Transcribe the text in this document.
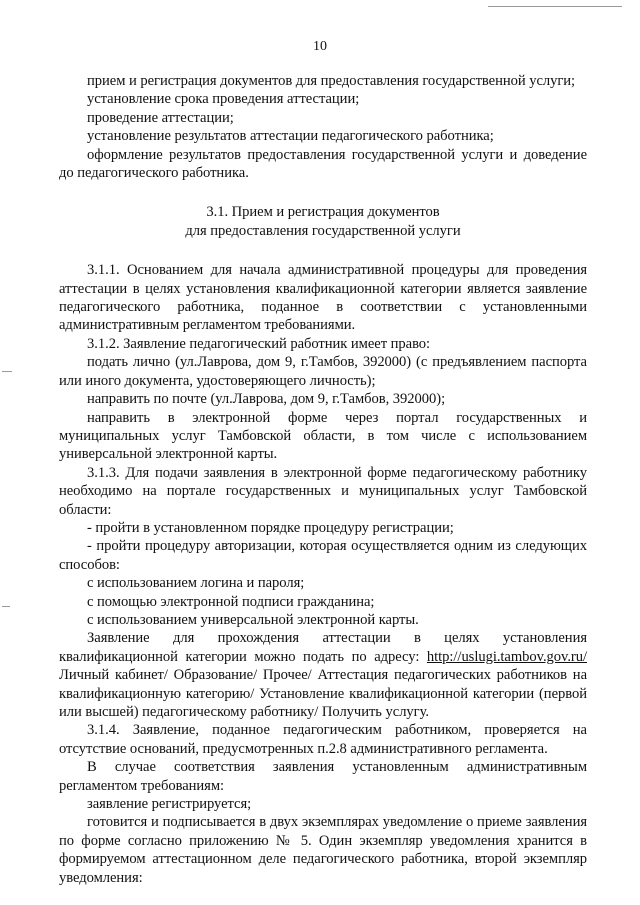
10

прием и регистрация документов для предоставления государственной услуги;

установление срока проведения аттестации;

проведение аттестации;

установление результатов аттестации педагогического работника;

оформление результатов предоставления государственной услуги и доведение до педагогического работника.

3.1. Прием и регистрация документов
для предоставления государственной услуги

3.1.1. Основанием для начала административной процедуры для проведения аттестации в целях установления квалификационной категории является заявление педагогического работника, поданное в соответствии с установленными административным регламентом требованиями.

3.1.2. Заявление педагогический работник имеет право:

подать лично (ул.Лаврова, дом 9, г.Тамбов, 392000) (с предъявлением паспорта или иного документа, удостоверяющего личность);

направить по почте (ул.Лаврова, дом 9, г.Тамбов, 392000);

направить в электронной форме через портал государственных и муниципальных услуг Тамбовской области, в том числе с использованием универсальной электронной карты.

3.1.3. Для подачи заявления в электронной форме педагогическому работнику необходимо на портале государственных и муниципальных услуг Тамбовской области:

- пройти в установленном порядке процедуру регистрации;

- пройти процедуру авторизации, которая осуществляется одним из следующих способов:

с использованием логина и пароля;

с помощью электронной подписи гражданина;

с использованием универсальной электронной карты.

Заявление для прохождения аттестации в целях установления квалификационной категории можно подать по адресу: http://uslugi.tambov.gov.ru/ Личный кабинет/ Образование/ Прочее/ Аттестация педагогических работников на квалификационную категорию/ Установление квалификационной категории (первой или высшей) педагогическому работнику/ Получить услугу.

3.1.4. Заявление, поданное педагогическим работником, проверяется на отсутствие оснований, предусмотренных п.2.8 административного регламента.

В случае соответствия заявления установленным административным регламентом требованиям:

заявление регистрируется;

готовится и подписывается в двух экземплярах уведомление о приеме заявления по форме согласно приложению № 5. Один экземпляр уведомления хранится в формируемом аттестационном деле педагогического работника, второй экземпляр уведомления:
